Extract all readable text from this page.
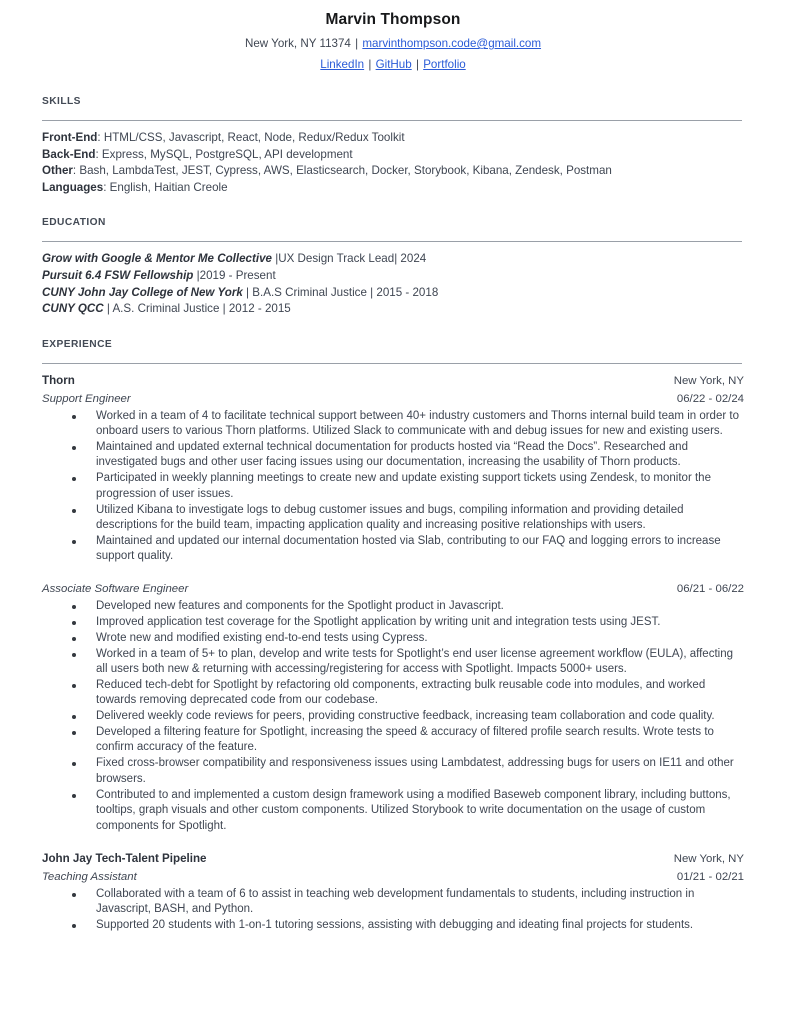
Marvin Thompson
New York, NY 11374 | marvinthompson.code@gmail.com
LinkedIn | GitHub | Portfolio
SKILLS
Front-End: HTML/CSS, Javascript, React, Node, Redux/Redux Toolkit
Back-End: Express, MySQL, PostgreSQL, API development
Other: Bash, LambdaTest, JEST, Cypress, AWS, Elasticsearch, Docker, Storybook, Kibana, Zendesk, Postman
Languages: English, Haitian Creole
EDUCATION
Grow with Google & Mentor Me Collective |UX Design Track Lead| 2024
Pursuit 6.4 FSW Fellowship |2019 - Present
CUNY John Jay College of New York | B.A.S Criminal Justice | 2015 - 2018
CUNY QCC | A.S. Criminal Justice | 2012 - 2015
EXPERIENCE
Thorn	New York, NY
Support Engineer	06/22 - 02/24
Worked in a team of 4 to facilitate technical support between 40+ industry customers and Thorns internal build team in order to onboard users to various Thorn platforms. Utilized Slack to communicate with and debug issues for new and existing users.
Maintained and updated external technical documentation for products hosted via “Read the Docs”. Researched and investigated bugs and other user facing issues using our documentation, increasing the usability of Thorn products.
Participated in weekly planning meetings to create new and update existing support tickets using Zendesk, to monitor the progression of user issues.
Utilized Kibana to investigate logs to debug customer issues and bugs, compiling information and providing detailed descriptions for the build team, impacting application quality and increasing positive relationships with users.
Maintained and updated our internal documentation hosted via Slab, contributing to our FAQ and logging errors to increase support quality.
Associate Software Engineer	06/21 - 06/22
Developed new features and components for the Spotlight product in Javascript.
Improved application test coverage for the Spotlight application by writing unit and integration tests using JEST.
Wrote new and modified existing end-to-end tests using Cypress.
Worked in a team of 5+ to plan, develop and write tests for Spotlight’s end user license agreement workflow (EULA), affecting all users both new & returning with accessing/registering for access with Spotlight. Impacts 5000+ users.
Reduced tech-debt for Spotlight by refactoring old components, extracting bulk reusable code into modules, and worked towards removing deprecated code from our codebase.
Delivered weekly code reviews for peers, providing constructive feedback, increasing team collaboration and code quality.
Developed a filtering feature for Spotlight, increasing the speed & accuracy of filtered profile search results. Wrote tests to confirm accuracy of the feature.
Fixed cross-browser compatibility and responsiveness issues using Lambdatest, addressing bugs for users on IE11 and other browsers.
Contributed to and implemented a custom design framework using a modified Baseweb component library, including buttons, tooltips, graph visuals and other custom components. Utilized Storybook to write documentation on the usage of custom components for Spotlight.
John Jay Tech-Talent Pipeline	New York, NY
Teaching Assistant	01/21 - 02/21
Collaborated with a team of 6 to assist in teaching web development fundamentals to students, including instruction in Javascript, BASH, and Python.
Supported 20 students with 1-on-1 tutoring sessions, assisting with debugging and ideating final projects for students.
